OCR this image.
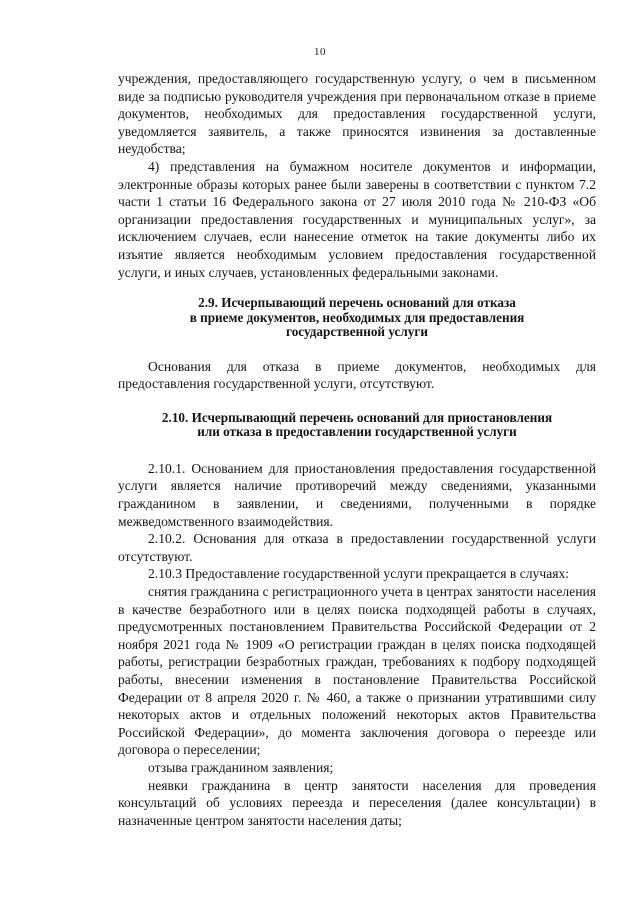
10

учреждения, предоставляющего государственную услугу, о чем в письменном виде за подписью руководителя учреждения при первоначальном отказе в приеме документов, необходимых для предоставления государственной услуги, уведомляется заявитель, а также приносятся извинения за доставленные неудобства;

4) представления на бумажном носителе документов и информации, электронные образы которых ранее были заверены в соответствии с пунктом 7.2 части 1 статьи 16 Федерального закона от 27 июля 2010 года № 210-ФЗ «Об организации предоставления государственных и муниципальных услуг», за исключением случаев, если нанесение отметок на такие документы либо их изъятие является необходимым условием предоставления государственной услуги, и иных случаев, установленных федеральными законами.

2.9. Исчерпывающий перечень оснований для отказа
в приеме документов, необходимых для предоставления
государственной услуги

Основания для отказа в приеме документов, необходимых для предоставления государственной услуги, отсутствуют.

2.10. Исчерпывающий перечень оснований для приостановления
или отказа в предоставлении государственной услуги

2.10.1. Основанием для приостановления предоставления государственной услуги является наличие противоречий между сведениями, указанными гражданином в заявлении, и сведениями, полученными в порядке межведомственного взаимодействия.

2.10.2. Основания для отказа в предоставлении государственной услуги отсутствуют.

2.10.3 Предоставление государственной услуги прекращается в случаях:

снятия гражданина с регистрационного учета в центрах занятости населения в качестве безработного или в целях поиска подходящей работы в случаях, предусмотренных постановлением Правительства Российской Федерации от 2 ноября 2021 года № 1909 «О регистрации граждан в целях поиска подходящей работы, регистрации безработных граждан, требованиях к подбору подходящей работы, внесении изменения в постановление Правительства Российской Федерации от 8 апреля 2020 г. № 460, а также о признании утратившими силу некоторых актов и отдельных положений некоторых актов Правительства Российской Федерации», до момента заключения договора о переезде или договора о переселении;

отзыва гражданином заявления;

неявки гражданина в центр занятости населения для проведения консультаций об условиях переезда и переселения (далее консультации) в назначенные центром занятости населения даты;
